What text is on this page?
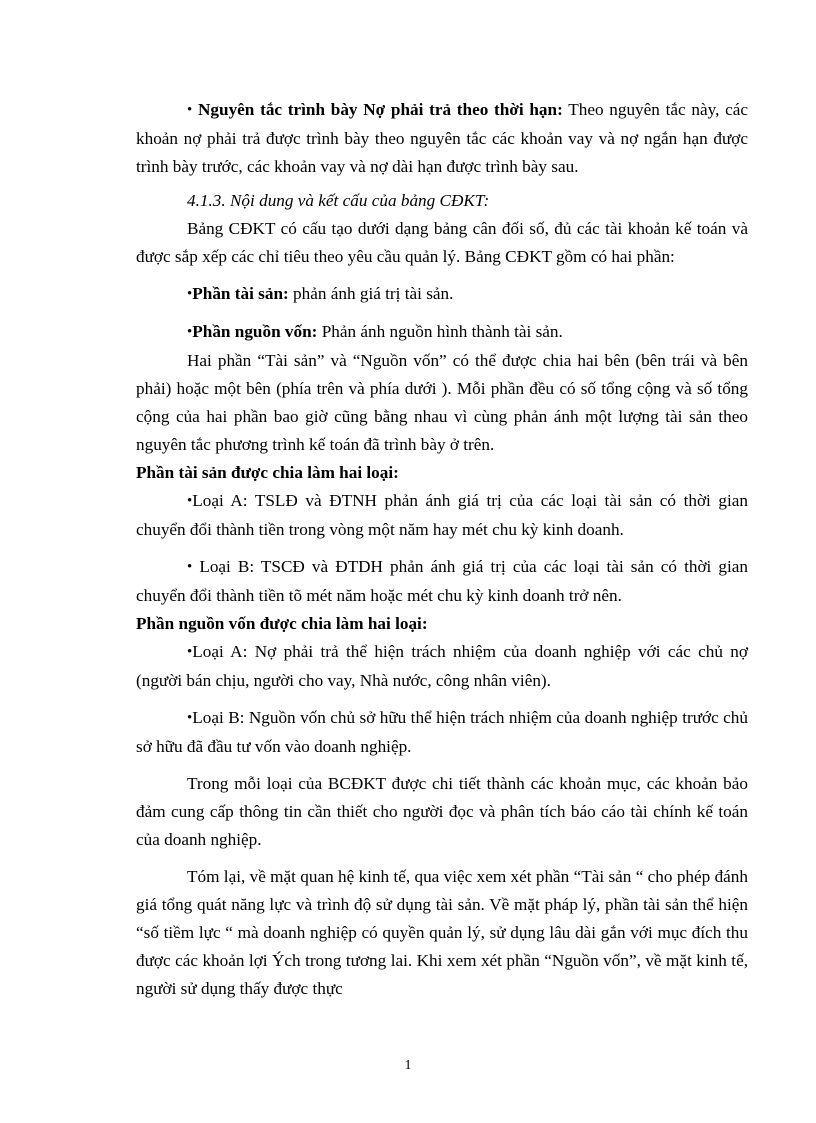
• Nguyên tắc trình bày Nợ phải trả theo thời hạn: Theo nguyên tắc này, các khoản nợ phải trả được trình bày theo nguyên tắc các khoản vay và nợ ngắn hạn được trình bày trước, các khoản vay và nợ dài hạn được trình bày sau.

4.1.3. Nội dung và kết cấu của bảng CĐKT:

Bảng CĐKT có cấu tạo dưới dạng bảng cân đối số, đủ các tài khoản kế toán và được sắp xếp các chỉ tiêu theo yêu cầu quản lý. Bảng CĐKT gồm có hai phần:

•Phần tài sản: phản ánh giá trị tài sản.

•Phần nguồn vốn: Phản ánh nguồn hình thành tài sản.

Hai phần “Tài sản” và “Nguồn vốn” có thể được chia hai bên (bên trái và bên phải) hoặc một bên (phía trên và phía dưới ). Mỗi phần đều có số tổng cộng và số tổng cộng của hai phần bao giờ cũng bằng nhau vì cùng phản ánh một lượng tài sản theo nguyên tắc phương trình kế toán đã trình bày ở trên.

Phần tài sản được chia làm hai loại:

•Loại A: TSLĐ và ĐTNH phản ánh giá trị của các loại tài sản có thời gian chuyển đổi thành tiền trong vòng một năm hay mét chu kỳ kinh doanh.

• Loại B: TSCĐ và ĐTDH phản ánh giá trị của các loại tài sản có thời gian chuyển đổi thành tiền tõ mét năm hoặc mét chu kỳ kinh doanh trở nên.

Phần nguồn vốn được chia làm hai loại:

•Loại A: Nợ phải trả thể hiện trách nhiệm của doanh nghiệp với các chủ nợ (người bán chịu, người cho vay, Nhà nước, công nhân viên).

•Loại B: Nguồn vốn chủ sở hữu thể hiện trách nhiệm của doanh nghiệp trước chủ sở hữu đã đầu tư vốn vào doanh nghiệp.

Trong mỗi loại của BCĐKT được chi tiết thành các khoản mục, các khoản bảo đảm cung cấp thông tin cần thiết cho người đọc và phân tích báo cáo tài chính kế toán của doanh nghiệp.

Tóm lại, về mặt quan hệ kinh tế, qua việc xem xét phần “Tài sản “ cho phép đánh giá tổng quát năng lực và trình độ sử dụng tài sản. Về mặt pháp lý, phần tài sản thể hiện “số tiềm lực “ mà doanh nghiệp có quyền quản lý, sử dụng lâu dài gắn với mục đích thu được các khoản lợi Ých trong tương lai. Khi xem xét phần “Nguồn vốn”, về mặt kinh tế, người sử dụng thấy được thực

1
